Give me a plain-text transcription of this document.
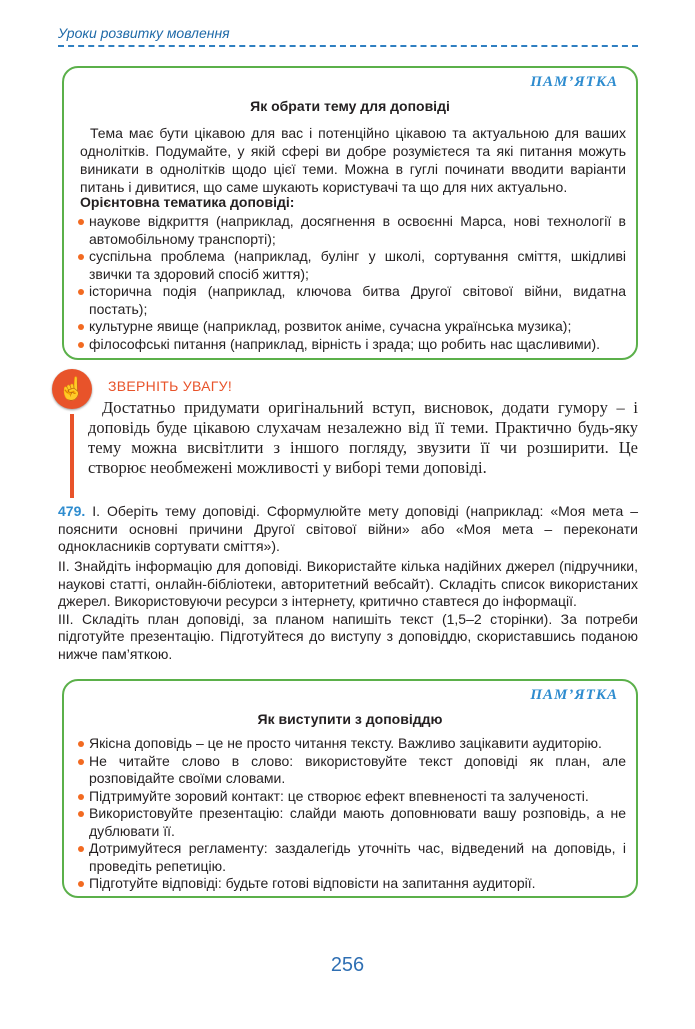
Уроки розвитку мовлення
ПАМ’ЯТКА
Як обрати тему для доповіді
Тема має бути цікавою для вас і потенційно цікавою та актуальною для ваших однолітків. Подумайте, у якій сфері ви добре розумієтеся та які питання можуть виникати в однолітків щодо цієї теми. Можна в гуглі починати вводити варіанти питань і дивитися, що саме шукають користувачі та що для них актуально.
Орієнтовна тематика доповіді:
наукове відкриття (наприклад, досягнення в освоєнні Марса, нові технології в автомобільному транспорті);
суспільна проблема (наприклад, булінг у школі, сортування сміття, шкідливі звички та здоровий спосіб життя);
історична подія (наприклад, ключова битва Другої світової війни, видатна постать);
культурне явище (наприклад, розвиток аніме, сучасна українська музика);
філософські питання (наприклад, вірність і зрада; що робить нас щасливими).
☝	ЗВЕРНІТЬ УВАГУ!
Достатньо придумати оригінальний вступ, висновок, додати гумору – і доповідь буде цікавою слухачам незалежно від її теми. Практично будь-яку тему можна висвітлити з іншого погляду, звузити її чи розширити. Це створює необмежені можливості у виборі теми доповіді.
479. I. Оберіть тему доповіді. Сформулюйте мету доповіді (наприклад: «Моя мета – пояснити основні причини Другої світової війни» або «Моя мета – переконати однокласників сортувати сміття»).
II. Знайдіть інформацію для доповіді. Використайте кілька надійних джерел (підручники, наукові статті, онлайн-бібліотеки, авторитетний вебсайт). Складіть список використаних джерел. Використовуючи ресурси з інтернету, критично ставтеся до інформації.
III. Складіть план доповіді, за планом напишіть текст (1,5–2 сторінки). За потреби підготуйте презентацію. Підготуйтеся до виступу з доповіддю, скориставшись поданою нижче пам’яткою.
ПАМ’ЯТКА
Як виступити з доповіддю
Якісна доповідь – це не просто читання тексту. Важливо зацікавити аудиторію.
Не читайте слово в слово: використовуйте текст доповіді як план, але розповідайте своїми словами.
Підтримуйте зоровий контакт: це створює ефект впевненості та залученості.
Використовуйте презентацію: слайди мають доповнювати вашу розповідь, а не дублювати її.
Дотримуйтеся регламенту: заздалегідь уточніть час, відведений на доповідь, і проведіть репетицію.
Підготуйте відповіді: будьте готові відповісти на запитання аудиторії.
256
